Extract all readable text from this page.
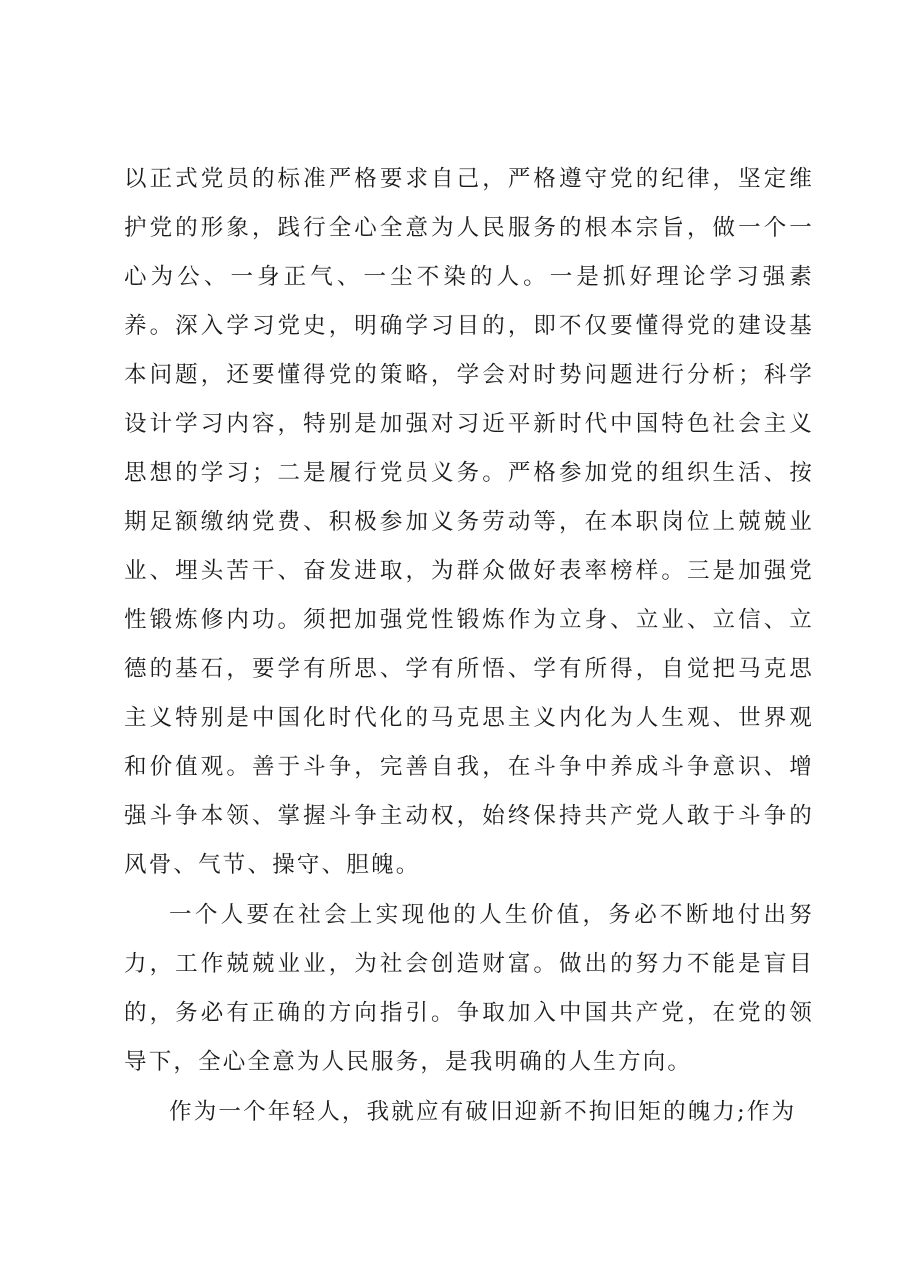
以正式党员的标准严格要求自己，严格遵守党的纪律，坚定维护党的形象，践行全心全意为人民服务的根本宗旨，做一个一心为公、一身正气、一尘不染的人。一是抓好理论学习强素养。深入学习党史，明确学习目的，即不仅要懂得党的建设基本问题，还要懂得党的策略，学会对时势问题进行分析；科学设计学习内容，特别是加强对习近平新时代中国特色社会主义思想的学习；二是履行党员义务。严格参加党的组织生活、按期足额缴纳党费、积极参加义务劳动等，在本职岗位上兢兢业业、埋头苦干、奋发进取，为群众做好表率榜样。三是加强党性锻炼修内功。须把加强党性锻炼作为立身、立业、立信、立德的基石，要学有所思、学有所悟、学有所得，自觉把马克思主义特别是中国化时代化的马克思主义内化为人生观、世界观和价值观。善于斗争，完善自我，在斗争中养成斗争意识、增强斗争本领、掌握斗争主动权，始终保持共产党人敢于斗争的风骨、气节、操守、胆魄。

一个人要在社会上实现他的人生价值，务必不断地付出努力，工作兢兢业业，为社会创造财富。做出的努力不能是盲目的，务必有正确的方向指引。争取加入中国共产党，在党的领导下，全心全意为人民服务，是我明确的人生方向。

作为一个年轻人，我就应有破旧迎新不拘旧矩的魄力;作为
